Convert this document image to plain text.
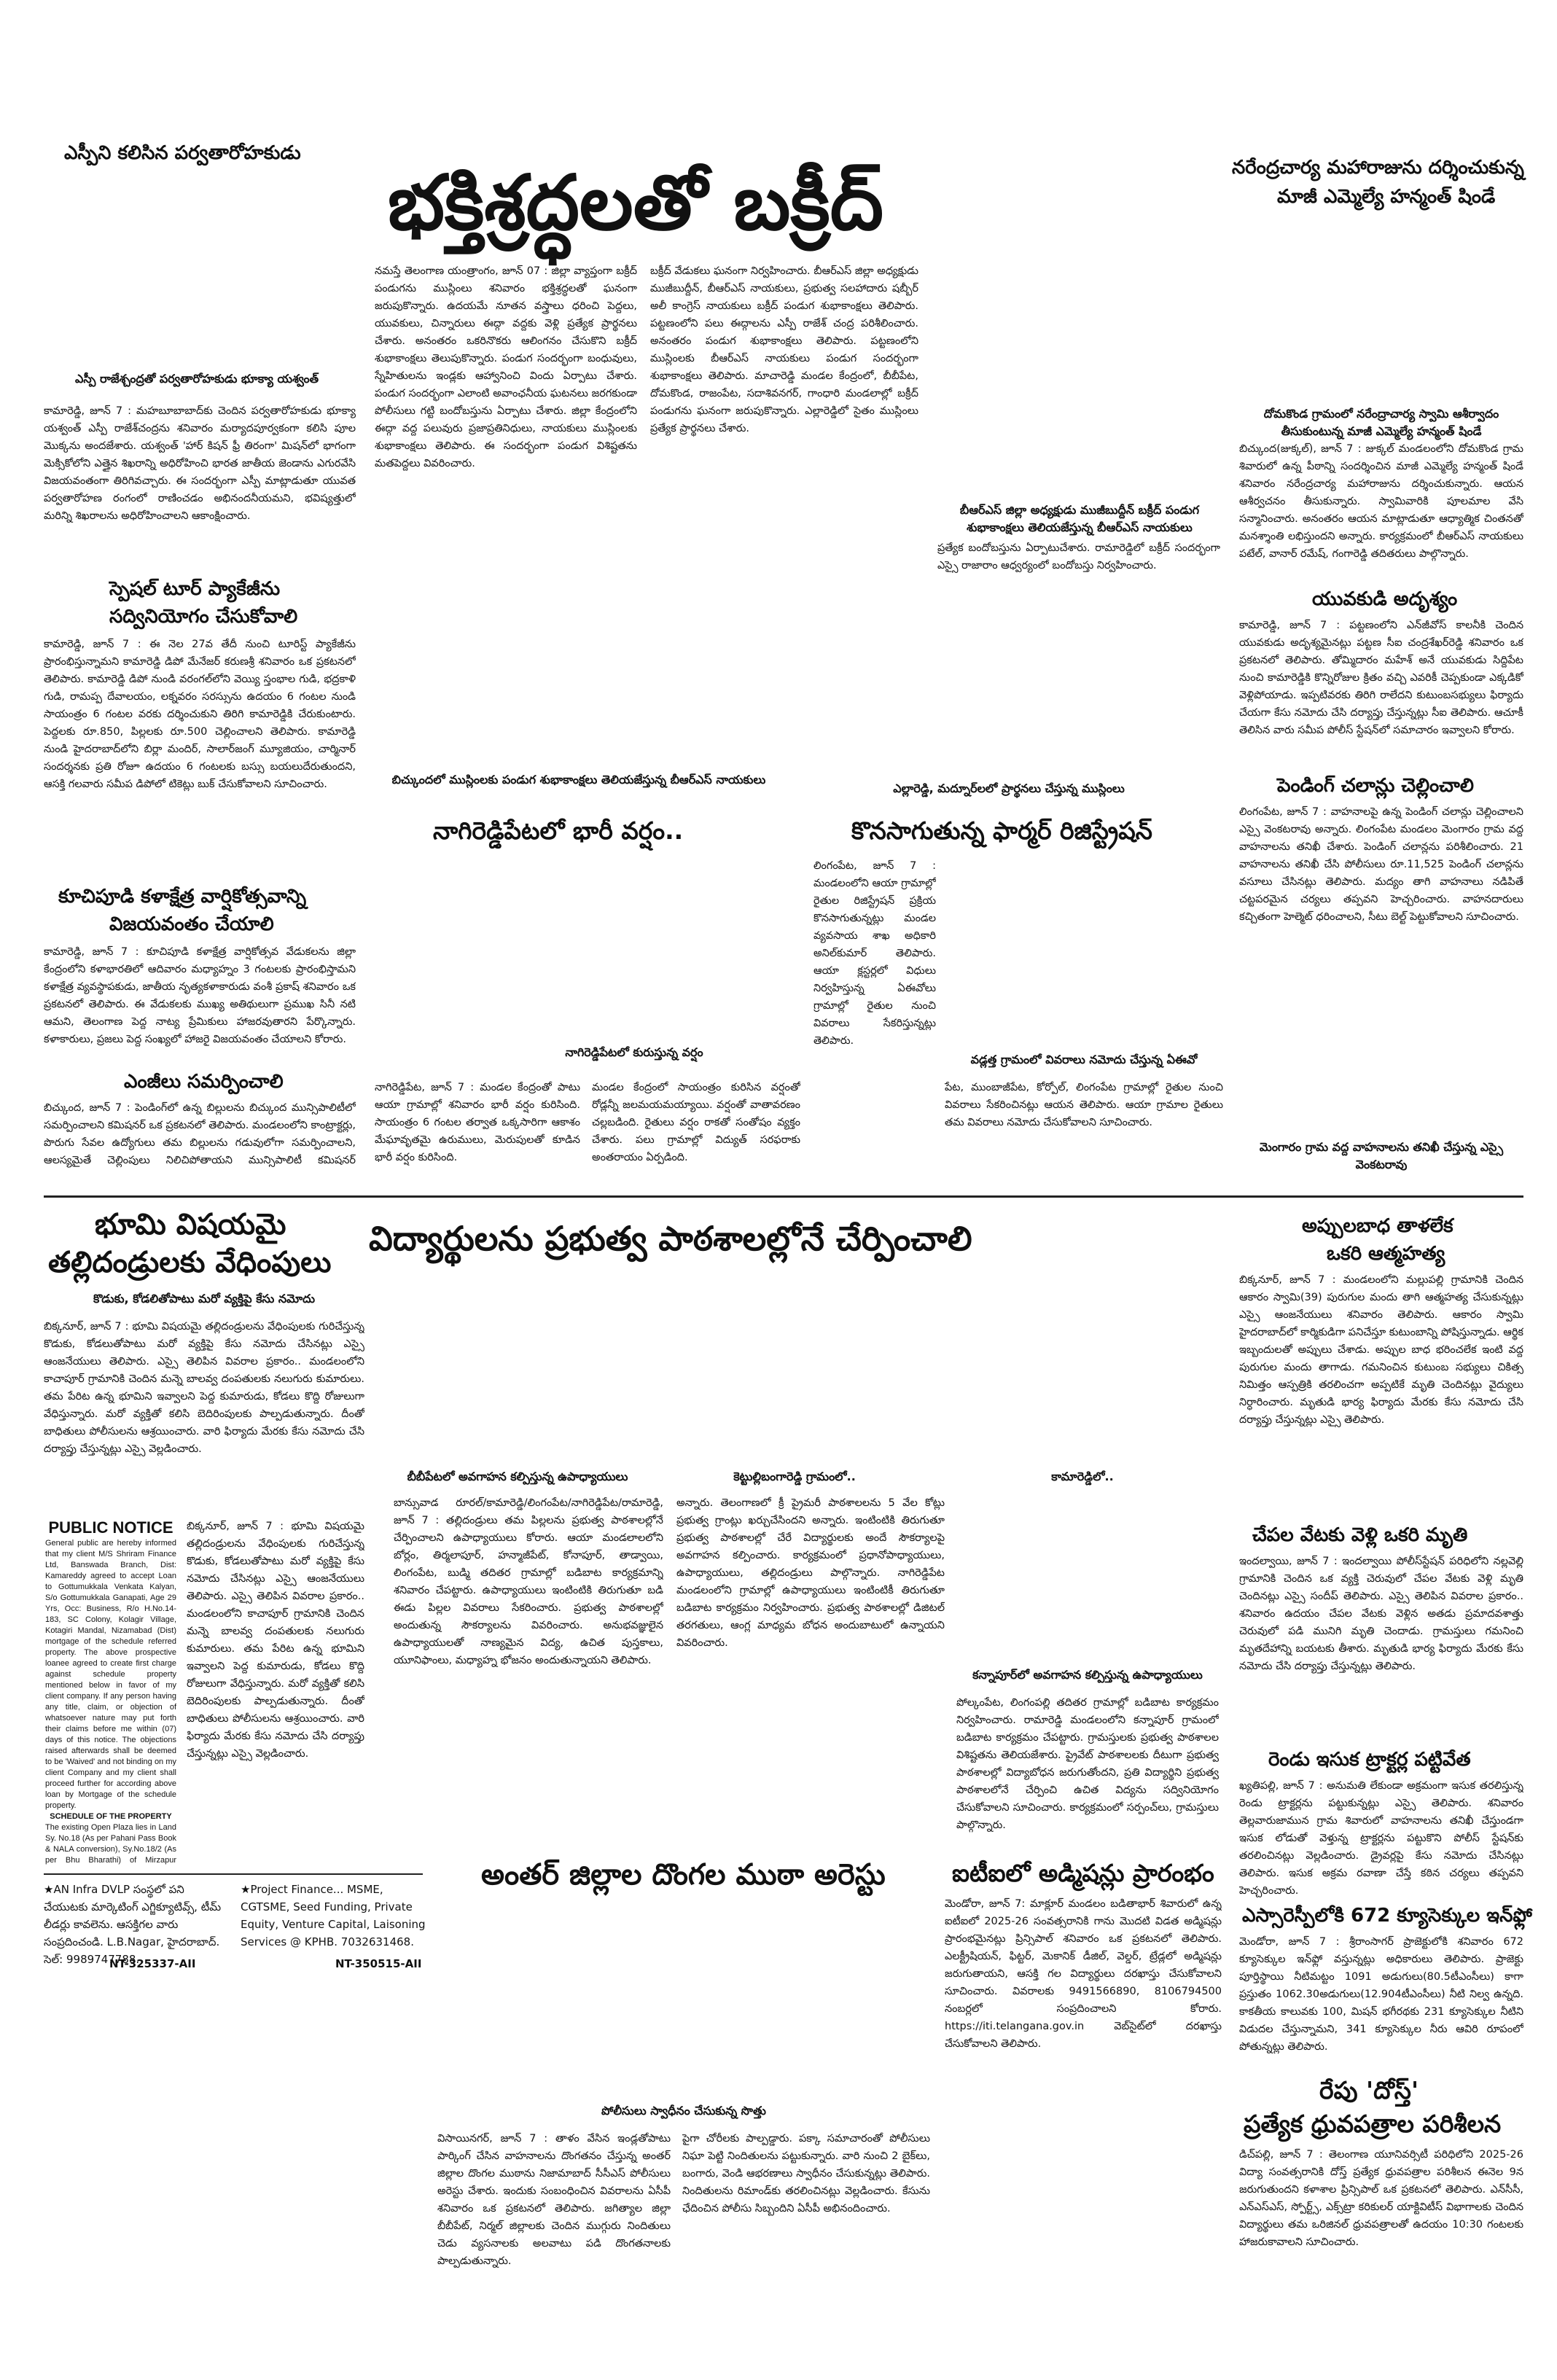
ఎస్పీని కలిసిన పర్వతారోహకుడు
భక్తిశ్రద్ధలతో బక్రీద్	నరేంద్రచార్య మహారాజును దర్శించుకున్న
మాజీ ఎమ్మెల్యే హన్మంత్ షిండే
ఎస్పీ రాజేశ్చంద్రతో పర్వతారోహకుడు భూక్యా యశ్వంత్

కామారెడ్డి, జూన్ 7 : మహబూబాబాద్‌కు చెందిన పర్వతారోహకుడు భూక్యా యశ్వంత్ ఎస్పీ రాజేశ్‌చంద్రను శనివారం మర్యాదపూర్వకంగా కలిసి పూల మొక్కను అందజేశారు. యశ్వంత్ 'హార్ కిషన్ ఫ్రీ తిరంగా' మిషన్‌లో భాగంగా మెక్సికోలోని ఎత్తైన శిఖరాన్ని అధిరోహించి భారత జాతీయ జెండాను ఎగురవేసి విజయవంతంగా తిరిగివచ్చారు. ఈ సందర్భంగా ఎస్పీ మాట్లాడుతూ యువత పర్వతారోహణ రంగంలో రాణించడం అభినందనీయమని, భవిష్యత్తులో మరిన్ని శిఖరాలను అధిరోహించాలని ఆకాంక్షించారు.

స్పెషల్ టూర్ ప్యాకేజీను
సద్వినియోగం చేసుకోవాలి

కామారెడ్డి, జూన్ 7 : ఈ నెల 27వ తేదీ నుంచి టూరిస్ట్ ప్యాకేజీను ప్రారంభిస్తున్నామని కామారెడ్డి డిపో మేనేజర్ కరుణశ్రీ శనివారం ఒక ప్రకటనలో తెలిపారు. కామారెడ్డి డిపో నుండి వరంగల్‌లోని వెయ్యి స్తంభాల గుడి, భద్రకాళి గుడి, రామప్ప దేవాలయం, లక్నవరం సరస్సును ఉదయం 6 గంటల నుండి సాయంత్రం 6 గంటల వరకు దర్శించుకుని తిరిగి కామారెడ్డికి చేరుకుంటారు. పెద్దలకు రూ.850, పిల్లలకు రూ.500 చెల్లించాలని తెలిపారు. కామారెడ్డి నుండి హైదరాబాద్‌లోని బిర్లా మందిర్, సాలార్‌జంగ్ మ్యూజియం, చార్మినార్ సందర్శనకు ప్రతి రోజూ ఉదయం 6 గంటలకు బస్సు బయలుదేరుతుందని, ఆసక్తి గలవారు సమీప డిపోలో టికెట్లు బుక్ చేసుకోవాలని సూచించారు.

కూచిపూడి కళాక్షేత్ర వార్షికోత్సవాన్ని
విజయవంతం చేయాలి

కామారెడ్డి, జూన్ 7 : కూచిపూడి కళాక్షేత్ర వార్షికోత్సవ వేడుకలను జిల్లా కేంద్రంలోని కళాభారతిలో ఆదివారం మధ్యాహ్నం 3 గంటలకు ప్రారంభిస్తామని కళాక్షేత్ర వ్యవస్థాపకుడు, జాతీయ నృత్యకళాకారుడు వంశీ ప్రకాష్ శనివారం ఒక ప్రకటనలో తెలిపారు. ఈ వేడుకలకు ముఖ్య అతిథులుగా ప్రముఖ సినీ నటి ఆమని, తెలంగాణ పెద్ద నాట్య ప్రేమికులు హాజరవుతారని పేర్కొన్నారు. కళాకారులు, ప్రజలు పెద్ద సంఖ్యలో హాజరై విజయవంతం చేయాలని కోరారు.

ఎంజీలు సమర్పించాలి

బిచ్కుంద, జూన్ 7 : పెండింగ్‌లో ఉన్న బిల్లులను బిచ్కుంద మున్సిపాలిటీలో సమర్పించాలని కమిషనర్ ఒక ప్రకటనలో తెలిపారు. మండలంలోని కాంట్రాక్టర్లు, పొరుగు సేవల ఉద్యోగులు తమ బిల్లులను గడువులోగా సమర్పించాలని, ఆలస్యమైతే చెల్లింపులు నిలిచిపోతాయని మున్సిపాలిటీ కమిషనర్

నమస్తే తెలంగాణ యంత్రాంగం, జూన్ 07 : జిల్లా వ్యాప్తంగా బక్రీద్ పండుగను ముస్లింలు శనివారం భక్తిశ్రద్ధలతో ఘనంగా జరుపుకొన్నారు. ఉదయమే నూతన వస్త్రాలు ధరించి పెద్దలు, యువకులు, చిన్నారులు ఈద్గా వద్దకు వెళ్లి ప్రత్యేక ప్రార్థనలు చేశారు. అనంతరం ఒకరినొకరు ఆలింగనం చేసుకొని బక్రీద్ శుభాకాంక్షలు తెలుపుకొన్నారు. పండుగ సందర్భంగా బంధువులు, స్నేహితులను ఇండ్లకు ఆహ్వానించి విందు ఏర్పాటు చేశారు. పండుగ సందర్భంగా ఎలాంటి అవాంఛనీయ ఘటనలు జరగకుండా పోలీసులు గట్టి బందోబస్తును ఏర్పాటు చేశారు. జిల్లా కేంద్రంలోని ఈద్గా వద్ద పలువురు ప్రజాప్రతినిధులు, నాయకులు ముస్లింలకు శుభాకాంక్షలు తెలిపారు. ఈ సందర్భంగా పండుగ విశిష్టతను మతపెద్దలు వివరించారు.

బక్రీద్ వేడుకలు ఘనంగా నిర్వహించారు. బీఆర్ఎస్ జిల్లా అధ్యక్షుడు ముజీబుద్దీన్, బీఆర్ఎస్ నాయకులు, ప్రభుత్వ సలహాదారు షబ్బీర్ అలీ కాంగ్రెస్ నాయకులు బక్రీద్ పండుగ శుభాకాంక్షలు తెలిపారు. పట్టణంలోని పలు ఈద్గాలను ఎస్పీ రాజేశ్ చంద్ర పరిశీలించారు. అనంతరం పండుగ శుభాకాంక్షలు తెలిపారు. పట్టణంలోని ముస్లింలకు బీఆర్ఎస్ నాయకులు పండుగ సందర్భంగా శుభాకాంక్షలు తెలిపారు. మాచారెడ్డి మండల కేంద్రంలో, బీబీపేట, దోమకొండ, రాజంపేట, సదాశివనగర్, గాంధారి మండలాల్లో బక్రీద్ పండుగను ఘనంగా జరుపుకొన్నారు. ఎల్లారెడ్డిలో సైతం ముస్లింలు ప్రత్యేక ప్రార్థనలు చేశారు.

ప్రత్యేక బందోబస్తును ఏర్పాటుచేశారు. రామారెడ్డిలో బక్రీద్ సందర్భంగా ఎస్సై రాజారాం ఆధ్వర్యంలో బందోబస్తు నిర్వహించారు.

బీఆర్ఎస్ జిల్లా అధ్యక్షుడు ముజీబుద్దీన్ బక్రీద్ పండుగ శుభాకాంక్షలు తెలియజేస్తున్న బీఆర్ఎస్ నాయకులు
బిచ్కుందలో ముస్లింలకు పండుగ శుభాకాంక్షలు తెలియజేస్తున్న బీఆర్ఎస్ నాయకులు
ఎల్లారెడ్డి, మద్నూర్‌లలో ప్రార్థనలు చేస్తున్న ముస్లింలు
నాగిరెడ్డిపేటలో భారీ వర్షం..
నాగిరెడ్డిపేటలో కురుస్తున్న వర్షం

నాగిరెడ్డిపేట, జూన్ 7 : మండల కేంద్రంతో పాటు ఆయా గ్రామాల్లో శనివారం భారీ వర్షం కురిసింది. సాయంత్రం 6 గంటల తర్వాత ఒక్కసారిగా ఆకాశం మేఘావృతమై ఉరుములు, మెరుపులతో కూడిన భారీ వర్షం కురిసింది.

మండల కేంద్రంలో సాయంత్రం కురిసిన వర్షంతో రోడ్లన్నీ జలమయమయ్యాయి. వర్షంతో వాతావరణం చల్లబడింది. రైతులు వర్షం రాకతో సంతోషం వ్యక్తం చేశారు. పలు గ్రామాల్లో విద్యుత్ సరఫరాకు అంతరాయం ఏర్పడింది.

కొనసాగుతున్న ఫార్మర్ రిజిస్ట్రేషన్

లింగంపేట, జూన్ 7 : మండలంలోని ఆయా గ్రామాల్లో రైతుల రిజిస్ట్రేషన్ ప్రక్రియ కొనసాగుతున్నట్లు మండల వ్యవసాయ శాఖ అధికారి అనిల్‌కుమార్ తెలిపారు. ఆయా క్లస్టర్లలో విధులు నిర్వహిస్తున్న ఏఈవోలు గ్రామాల్లో రైతుల నుంచి వివరాలు సేకరిస్తున్నట్లు తెలిపారు.

వడ్లత్త గ్రామంలో వివరాలు నమోదు చేస్తున్న ఏఈవో

పేట, ముంబాజీపేట, కోర్పోల్, లింగంపేట గ్రామాల్లో రైతుల నుంచి వివరాలు సేకరించినట్లు ఆయన తెలిపారు. ఆయా గ్రామాల రైతులు తమ వివరాలు నమోదు చేసుకోవాలని సూచించారు.

దోమకొండ గ్రామంలో నరేంద్రాచార్య స్వామి ఆశీర్వాదం తీసుకుంటున్న మాజీ ఎమ్మెల్యే హన్మంత్ షిండే

బిచ్కుంద(జుక్కల్), జూన్ 7 : జుక్కల్ మండలంలోని దోమకొండ గ్రామ శివారులో ఉన్న పీఠాన్ని సందర్శించిన మాజీ ఎమ్మెల్యే హన్మంత్ షిండే శనివారం నరేంద్రచార్య మహారాజును దర్శించుకున్నారు. ఆయన ఆశీర్వచనం తీసుకున్నారు. స్వామివారికి పూలమాల వేసి సన్మానించారు. అనంతరం ఆయన మాట్లాడుతూ ఆధ్యాత్మిక చింతనతో మనశ్శాంతి లభిస్తుందని అన్నారు. కార్యక్రమంలో బీఆర్ఎస్ నాయకులు పటేల్, వానార్ రమేష్, గంగారెడ్డి తదితరులు పాల్గొన్నారు.

యువకుడి అదృశ్యం

కామారెడ్డి, జూన్ 7 : పట్టణంలోని ఎన్‌జీవోస్ కాలనీకి చెందిన యువకుడు అదృశ్యమైనట్లు పట్టణ సీఐ చంద్రశేఖర్‌రెడ్డి శనివారం ఒక ప్రకటనలో తెలిపారు. తోమ్మిదారం మహేశ్ అనే యువకుడు సిద్దిపేట నుంచి కామారెడ్డికి కొన్నిరోజుల క్రితం వచ్చి ఎవరికీ చెప్పకుండా ఎక్కడికో వెళ్లిపోయాడు. ఇప్పటివరకు తిరిగి రాలేదని కుటుంబసభ్యులు ఫిర్యాదు చేయగా కేసు నమోదు చేసి దర్యాప్తు చేస్తున్నట్లు సీఐ తెలిపారు. ఆచూకీ తెలిసిన వారు సమీప పోలీస్ స్టేషన్‌లో సమాచారం ఇవ్వాలని కోరారు.

పెండింగ్ చలాన్లు చెల్లించాలి

లింగంపేట, జూన్ 7 : వాహనాలపై ఉన్న పెండింగ్ చలాన్లు చెల్లించాలని ఎస్సై వెంకటరావు అన్నారు. లింగంపేట మండలం మెంగారం గ్రామ వద్ద వాహనాలను తనిఖీ చేశారు. పెండింగ్ చలాన్లను పరిశీలించారు. 21 వాహనాలను తనిఖీ చేసి పోలీసులు రూ.11,525 పెండింగ్ చలాన్లను వసూలు చేసినట్లు తెలిపారు. మద్యం తాగి వాహనాలు నడిపితే చట్టపరమైన చర్యలు తప్పవని హెచ్చరించారు. వాహనదారులు కచ్చితంగా హెల్మెట్ ధరించాలని, సీటు బెల్ట్ పెట్టుకోవాలని సూచించారు.

మెంగారం గ్రామ వద్ద వాహనాలను తనిఖీ చేస్తున్న ఎస్సై వెంకటరావు
భూమి విషయమై
తల్లిదండ్రులకు వేధింపులు
కొడుకు, కోడలితోపాటు మరో వ్యక్తిపై కేసు నమోదు

బిక్కనూర్, జూన్ 7 : భూమి విషయమై తల్లిదండ్రులను వేధింపులకు గురిచేస్తున్న కొడుకు, కోడలుతోపాటు మరో వ్యక్తిపై కేసు నమోదు చేసినట్లు ఎస్సై ఆంజనేయులు తెలిపారు. ఎస్సై తెలిపిన వివరాల ప్రకారం.. మండలంలోని కాచాపూర్ గ్రామానికి చెందిన మన్నె బాలవ్వ దంపతులకు నలుగురు కుమారులు. తమ పేరిట ఉన్న భూమిని ఇవ్వాలని పెద్ద కుమారుడు, కోడలు కొద్ది రోజులుగా వేధిస్తున్నారు. మరో వ్యక్తితో కలిసి బెదిరింపులకు పాల్పడుతున్నారు. దీంతో బాధితులు పోలీసులను ఆశ్రయించారు. వారి ఫిర్యాదు మేరకు కేసు నమోదు చేసి దర్యాప్తు చేస్తున్నట్లు ఎస్సై వెల్లడించారు.

PUBLIC NOTICE

General public are hereby informed that my client M/S Shriram Finance Ltd, Banswada Branch, Dist: Kamareddy agreed to accept Loan to Gottumukkala Venkata Kalyan, S/o Gottumukkala Ganapati, Age 29 Yrs, Occ: Business, R/o H.No.14-183, SC Colony, Kolagir Village, Kotagiri Mandal, Nizamabad (Dist) mortgage of the schedule referred property. The above prospective loanee agreed to create first charge against schedule property mentioned below in favor of my client company. If any person having any title, claim, or objection of whatsoever nature may put forth their claims before me within (07) days of this notice. The objections raised afterwards shall be deemed to be 'Waived' and not binding on my client Company and my client shall proceed further for according above loan by Mortgage of the schedule property.

SCHEDULE OF THE PROPERTY

The existing Open Plaza lies in Land Sy. No.18 (As per Pahani Pass Book & NALA conversion), Sy.No.18/2 (As per Bhu Bharathi) of Mirzapur

బిక్కనూర్, జూన్ 7 : భూమి విషయమై తల్లిదండ్రులను వేధింపులకు గురిచేస్తున్న కొడుకు, కోడలుతోపాటు మరో వ్యక్తిపై కేసు నమోదు చేసినట్లు ఎస్సై ఆంజనేయులు తెలిపారు. ఎస్సై తెలిపిన వివరాల ప్రకారం.. మండలంలోని కాచాపూర్ గ్రామానికి చెందిన మన్నె బాలవ్వ దంపతులకు నలుగురు కుమారులు. తమ పేరిట ఉన్న భూమిని ఇవ్వాలని పెద్ద కుమారుడు, కోడలు కొద్ది రోజులుగా వేధిస్తున్నారు. మరో వ్యక్తితో కలిసి బెదిరింపులకు పాల్పడుతున్నారు. దీంతో బాధితులు పోలీసులను ఆశ్రయించారు. వారి ఫిర్యాదు మేరకు కేసు నమోదు చేసి దర్యాప్తు చేస్తున్నట్లు ఎస్సై వెల్లడించారు.

★AN Infra DVLP సంస్థలో పని చేయుటకు మార్కెటింగ్ ఎగ్జిక్యూటివ్స్, టీమ్ లీడర్లు కావలెను. ఆసక్తిగల వారు సంప్రదించండి. L.B.Nagar, హైదరాబాద్. సెల్: 9989747788.
NT-325337-AII
★Project Finance... MSME, CGTSME, Seed Funding, Private Equity, Venture Capital, Laisoning Services @ KPHB. 7032631468.
NT-350515-AII
విద్యార్థులను ప్రభుత్వ పాఠశాలల్లోనే చేర్పించాలి
బీబీపేటలో అవగాహన కల్పిస్తున్న ఉపాధ్యాయులు	కెట్టుల్లిబంగారెడ్డి గ్రామంలో..	కామారెడ్డిలో..

బాన్సువాడ రూరల్/కామారెడ్డి/లింగంపేట/నాగిరెడ్డిపేట/రామారెడ్డి, జూన్ 7 : తల్లిదండ్రులు తమ పిల్లలను ప్రభుత్వ పాఠశాలల్లోనే చేర్పించాలని ఉపాధ్యాయులు కోరారు. ఆయా మండలాలలోని బోర్లం, తిర్మలాపూర్, హన్మాజీపేట్, కోనాపూర్, తాడ్వాయి, లింగంపేట, బుడ్మి తదితర గ్రామాల్లో బడిబాట కార్యక్రమాన్ని శనివారం చేపట్టారు. ఉపాధ్యాయులు ఇంటింటికి తిరుగుతూ బడి ఈడు పిల్లల వివరాలు సేకరించారు. ప్రభుత్వ పాఠశాలల్లో అందుతున్న సౌకర్యాలను వివరించారు. అనుభవజ్ఞులైన ఉపాధ్యాయులతో నాణ్యమైన విద్య, ఉచిత పుస్తకాలు, యూనిఫాంలు, మధ్యాహ్న భోజనం అందుతున్నాయని తెలిపారు.

అన్నారు. తెలంగాణలో క్రీ ప్రైమరీ పాఠశాలలను 5 వేల కోట్లు ప్రభుత్వ గ్రాంట్లు ఖర్చుచేసిందని అన్నారు. ఇంటింటికి తిరుగుతూ ప్రభుత్వ పాఠశాలల్లో చేరే విద్యార్థులకు అందే సౌకర్యాలపై అవగాహన కల్పించారు. కార్యక్రమంలో ప్రధానోపాధ్యాయులు, ఉపాధ్యాయులు, తల్లిదండ్రులు పాల్గొన్నారు. నాగిరెడ్డిపేట మండలంలోని గ్రామాల్లో ఉపాధ్యాయులు ఇంటింటికీ తిరుగుతూ బడిబాట కార్యక్రమం నిర్వహించారు. ప్రభుత్వ పాఠశాలల్లో డిజిటల్ తరగతులు, ఆంగ్ల మాధ్యమ బోధన అందుబాటులో ఉన్నాయని వివరించారు.

కన్నాపూర్‌లో అవగాహన కల్పిస్తున్న ఉపాధ్యాయులు

పోల్కంపేట, లింగంపల్లి తదితర గ్రామాల్లో బడిబాట కార్యక్రమం నిర్వహించారు. రామారెడ్డి మండలంలోని కన్నాపూర్ గ్రామంలో బడిబాట కార్యక్రమం చేపట్టారు. గ్రామస్తులకు ప్రభుత్వ పాఠశాలల విశిష్టతను తెలియజేశారు. ప్రైవేట్ పాఠశాలలకు దీటుగా ప్రభుత్వ పాఠశాలల్లో విద్యాబోధన జరుగుతోందని, ప్రతి విద్యార్థిని ప్రభుత్వ పాఠశాలలోనే చేర్పించి ఉచిత విద్యను సద్వినియోగం చేసుకోవాలని సూచించారు. కార్యక్రమంలో సర్పంచ్‌లు, గ్రామస్తులు పాల్గొన్నారు.

అంతర్ జిల్లాల దొంగల ముఠా అరెస్టు
పోలీసులు స్వాధీనం చేసుకున్న సొత్తు

విసాయినగర్, జూన్ 7 : తాళం వేసిన ఇండ్లతోపాటు పార్కింగ్ చేసిన వాహనాలను దొంగతనం చేస్తున్న అంతర్ జిల్లాల దొంగల ముఠాను నిజామాబాద్ సీసీఎస్ పోలీసులు అరెస్టు చేశారు. ఇందుకు సంబంధించిన వివరాలను ఏసీపీ శనివారం ఒక ప్రకటనలో తెలిపారు. జగిత్యాల జిల్లా బీబీపేట్, నిర్మల్ జిల్లాలకు చెందిన ముగ్గురు నిందితులు చెడు వ్యసనాలకు అలవాటు పడి దొంగతనాలకు పాల్పడుతున్నారు.

పైగా చోరీలకు పాల్పడ్డారు. పక్కా సమాచారంతో పోలీసులు నిఘా పెట్టి నిందితులను పట్టుకున్నారు. వారి నుంచి 2 బైక్‌లు, బంగారు, వెండి ఆభరణాలు స్వాధీనం చేసుకున్నట్లు తెలిపారు. నిందితులను రిమాండ్‌కు తరలించినట్లు వెల్లడించారు. కేసును ఛేదించిన పోలీసు సిబ్బందిని ఏసీపీ అభినందించారు.

ఐటీఐలో అడ్మిషన్లు ప్రారంభం

మెండోరా, జూన్ 7: మాక్లూర్ మండలం బడితాభార్ శివారులో ఉన్న ఐటీఐలో 2025-26 సంవత్సరానికి గాను మొదటి విడత అడ్మిషన్లు ప్రారంభమైనట్లు ప్రిన్సిపాల్ శనివారం ఒక ప్రకటనలో తెలిపారు. ఎలక్ట్రీషియన్, ఫిట్టర్, మెకానిక్ డీజిల్, వెల్డర్, ట్రేడ్లలో అడ్మిషన్లు జరుగుతాయని, ఆసక్తి గల విద్యార్థులు దరఖాస్తు చేసుకోవాలని సూచించారు. వివరాలకు 9491566890, 8106794500 నంబర్లలో సంప్రదించాలని కోరారు. https://iti.telangana.gov.in వెబ్‌సైట్‌లో దరఖాస్తు చేసుకోవాలని తెలిపారు.

అప్పులబాధ తాళలేక
ఒకరి ఆత్మహత్య

బిక్కనూర్, జూన్ 7 : మండలంలోని మల్లుపల్లి గ్రామానికి చెందిన ఆకారం స్వామి(39) పురుగుల మందు తాగి ఆత్మహత్య చేసుకున్నట్లు ఎస్సై ఆంజనేయులు శనివారం తెలిపారు. ఆకారం స్వామి హైదరాబాద్‌లో కార్మికుడిగా పనిచేస్తూ కుటుంబాన్ని పోషిస్తున్నాడు. ఆర్థిక ఇబ్బందులతో అప్పులు చేశాడు. అప్పుల బాధ భరించలేక ఇంటి వద్ద పురుగుల మందు తాగాడు. గమనించిన కుటుంబ సభ్యులు చికిత్స నిమిత్తం ఆస్పత్రికి తరలించగా అప్పటికే మృతి చెందినట్లు వైద్యులు నిర్ధారించారు. మృతుడి భార్య ఫిర్యాదు మేరకు కేసు నమోదు చేసి దర్యాప్తు చేస్తున్నట్లు ఎస్సై తెలిపారు.

చేపల వేటకు వెళ్లి ఒకరి మృతి

ఇందల్వాయి, జూన్ 7 : ఇందల్వాయి పోలీస్‌స్టేషన్ పరిధిలోని నల్లవెల్లి గ్రామానికి చెందిన ఒక వ్యక్తి చెరువులో చేపల వేటకు వెళ్లి మృతి చెందినట్లు ఎస్సై సందీప్ తెలిపారు. ఎస్సై తెలిపిన వివరాల ప్రకారం.. శనివారం ఉదయం చేపల వేటకు వెళ్లిన అతడు ప్రమాదవశాత్తు చెరువులో పడి మునిగి మృతి చెందాడు. గ్రామస్తులు గమనించి మృతదేహాన్ని బయటకు తీశారు. మృతుడి భార్య ఫిర్యాదు మేరకు కేసు నమోదు చేసి దర్యాప్తు చేస్తున్నట్లు తెలిపారు.

రెండు ఇసుక ట్రాక్టర్ల పట్టివేత

ఖ్యతిపల్లి, జూన్ 7 : అనుమతి లేకుండా అక్రమంగా ఇసుక తరలిస్తున్న రెండు ట్రాక్టర్లను పట్టుకున్నట్లు ఎస్సై తెలిపారు. శనివారం తెల్లవారుజామున గ్రామ శివారులో వాహనాలను తనిఖీ చేస్తుండగా ఇసుక లోడుతో వెళ్తున్న ట్రాక్టర్లను పట్టుకొని పోలీస్ స్టేషన్‌కు తరలించినట్లు వెల్లడించారు. డ్రైవర్లపై కేసు నమోదు చేసినట్లు తెలిపారు. ఇసుక అక్రమ రవాణా చేస్తే కఠిన చర్యలు తప్పవని హెచ్చరించారు.

ఎస్సారెస్పీలోకి 672 క్యూసెక్కుల ఇన్‌ఫ్లో

మెండోరా, జూన్ 7 : శ్రీరాంసాగర్ ప్రాజెక్టులోకి శనివారం 672 క్యూసెక్కుల ఇన్‌ఫ్లో వస్తున్నట్లు అధికారులు తెలిపారు. ప్రాజెక్టు పూర్తిస్థాయి నీటిమట్టం 1091 అడుగులు(80.5టీఎంసీలు) కాగా ప్రస్తుతం 1062.30అడుగులు(12.904టీఎంసీలు) నీటి నిల్వ ఉన్నది. కాకతీయ కాలువకు 100, మిషన్ భగీరథకు 231 క్యూసెక్కుల నీటిని విడుదల చేస్తున్నామని, 341 క్యూసెక్కుల నీరు ఆవిరి రూపంలో పోతున్నట్లు తెలిపారు.

రేపు 'దోస్త్'
ప్రత్యేక ధ్రువపత్రాల పరిశీలన

డిచ్‌పల్లి, జూన్ 7 : తెలంగాణ యూనివర్సిటీ పరిధిలోని 2025-26 విద్యా సంవత్సరానికి దోస్త్ ప్రత్యేక ధ్రువపత్రాల పరిశీలన ఈనెల 9న జరుగుతుందని కళాశాల ప్రిన్సిపాల్ ఒక ప్రకటనలో తెలిపారు. ఎన్‌సీసీ, ఎన్‌ఎస్‌ఎస్, స్పోర్ట్స్, ఎక్స్‌ట్రా కరికులర్ యాక్టివిటీస్ విభాగాలకు చెందిన విద్యార్థులు తమ ఒరిజినల్ ధ్రువపత్రాలతో ఉదయం 10:30 గంటలకు హాజరుకావాలని సూచించారు.
